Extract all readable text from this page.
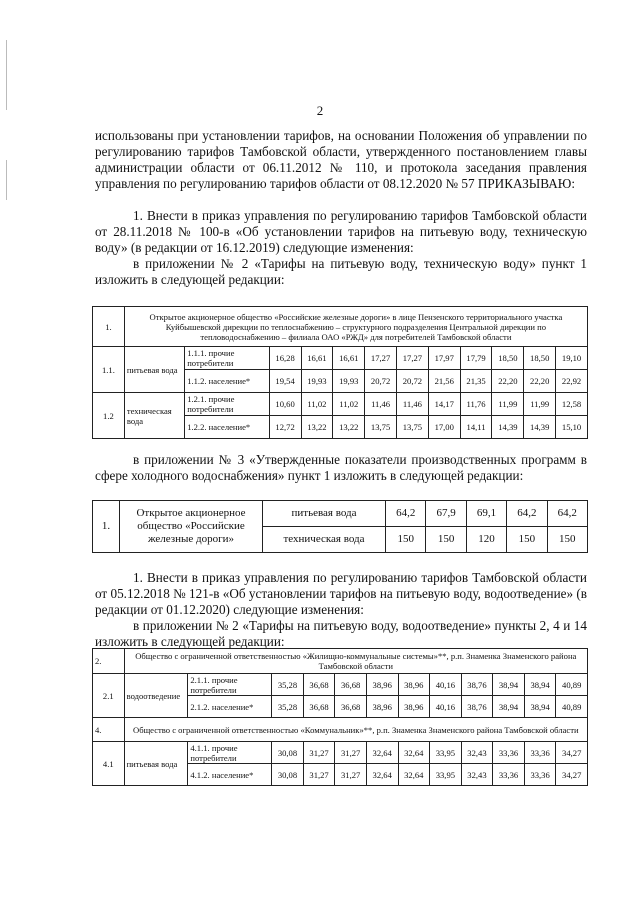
2

использованы при установлении тарифов, на основании Положения об управлении по регулированию тарифов Тамбовской области, утвержденного постановлением главы администрации области от 06.11.2012 № 110, и протокола заседания правления управления по регулированию тарифов области от 08.12.2020 № 57 ПРИКАЗЫВАЮ:

1. Внести в приказ управления по регулированию тарифов Тамбовской области от 28.11.2018 № 100-в «Об установлении тарифов на питьевую воду, техническую воду» (в редакции от 16.12.2019) следующие изменения:

в приложении № 2 «Тарифы на питьевую воду, техническую воду» пункт 1 изложить в следующей редакции:

1.	Открытое акционерное общество «Российские железные дороги» в лице Пензенского территориального участка Куйбышевской дирекции по теплоснабжению – структурного подразделения Центральной дирекции по тепловодоснабжению – филиала ОАО «РЖД» для потребителей Тамбовской области											
1.1.	питьевая вода	1.1.1. прочие потребители	16,28	16,61	16,61	17,27	17,27	17,97	17,79	18,50	18,50	19,10
		1.1.2. население*	19,54	19,93	19,93	20,72	20,72	21,56	21,35	22,20	22,20	22,92
1.2	техническая вода	1.2.1. прочие потребители	10,60	11,02	11,02	11,46	11,46	14,17	11,76	11,99	11,99	12,58
		1.2.2. население*	12,72	13,22	13,22	13,75	13,75	17,00	14,11	14,39	14,39	15,10

в приложении № 3 «Утвержденные показатели производственных программ в сфере холодного водоснабжения» пункт 1 изложить в следующей редакции:

1.	Открытое акционерное общество «Российские железные дороги»	питьевая вода	64,2	67,9	69,1	64,2	64,2
		техническая вода	150	150	120	150	150

1. Внести в приказ управления по регулированию тарифов Тамбовской области от 05.12.2018 № 121-в «Об установлении тарифов на питьевую воду, водоотведение» (в редакции от 01.12.2020) следующие изменения:

в приложении № 2 «Тарифы на питьевую воду, водоотведение» пункты 2, 4 и 14 изложить в следующей редакции:

2.	Общество с ограниченной ответственностью «Жилищно-коммунальные системы»**, р.п. Знаменка Знаменского района Тамбовской области											
2.1	водоотведение	2.1.1. прочие потребители	35,28	36,68	36,68	38,96	38,96	40,16	38,76	38,94	38,94	40,89
		2.1.2. население*	35,28	36,68	36,68	38,96	38,96	40,16	38,76	38,94	38,94	40,89
4.	Общество с ограниченной ответственностью «Коммунальник»**, р.п. Знаменка Знаменского района Тамбовской области											
4.1	питьевая вода	4.1.1. прочие потребители	30,08	31,27	31,27	32,64	32,64	33,95	32,43	33,36	33,36	34,27
		4.1.2. население*	30,08	31,27	31,27	32,64	32,64	33,95	32,43	33,36	33,36	34,27
